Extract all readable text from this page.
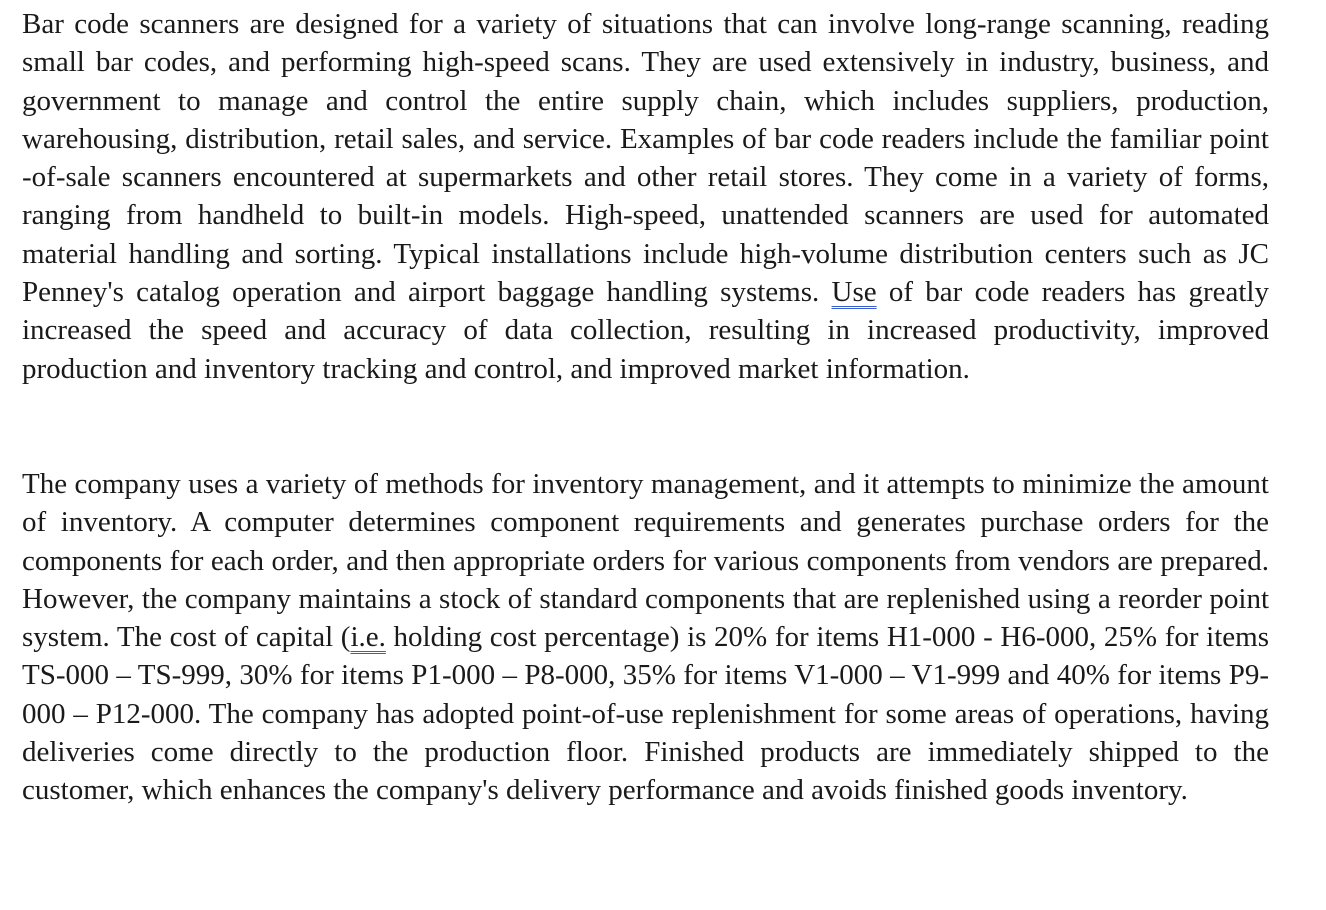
Bar code scanners are designed for a variety of situations that can involve long-range scanning, reading small bar codes, and performing high-speed scans. They are used extensively in industry, business, and government to manage and control the entire supply chain, which includes suppliers, production, warehousing, distribution, retail sales, and service. Examples of bar code readers include the familiar point -of-sale scanners encountered at supermarkets and other retail stores. They come in a variety of forms, ranging from handheld to built-in models. High-speed, unattended scanners are used for automated material handling and sorting. Typical installations include high-volume distribution centers such as JC Penney's catalog operation and airport baggage handling systems. Use of bar code readers has greatly increased the speed and accuracy of data collection, resulting in increased productivity, improved production and inventory tracking and control, and improved market information.

The company uses a variety of methods for inventory management, and it attempts to minimize the amount of inventory. A computer determines component requirements and generates purchase orders for the components for each order, and then appropriate orders for various components from vendors are prepared. However, the company maintains a stock of standard components that are replenished using a reorder point system. The cost of capital (i.e. holding cost percentage) is 20% for items H1-000 - H6-000, 25% for items TS-000 – TS-999, 30% for items P1-000 – P8-000, 35% for items V1-000 – V1-999 and 40% for items P9-000 – P12-000. The company has adopted point-of-use replenishment for some areas of operations, having deliveries come directly to the production floor. Finished products are immediately shipped to the customer, which enhances the company's delivery performance and avoids finished goods inventory.
